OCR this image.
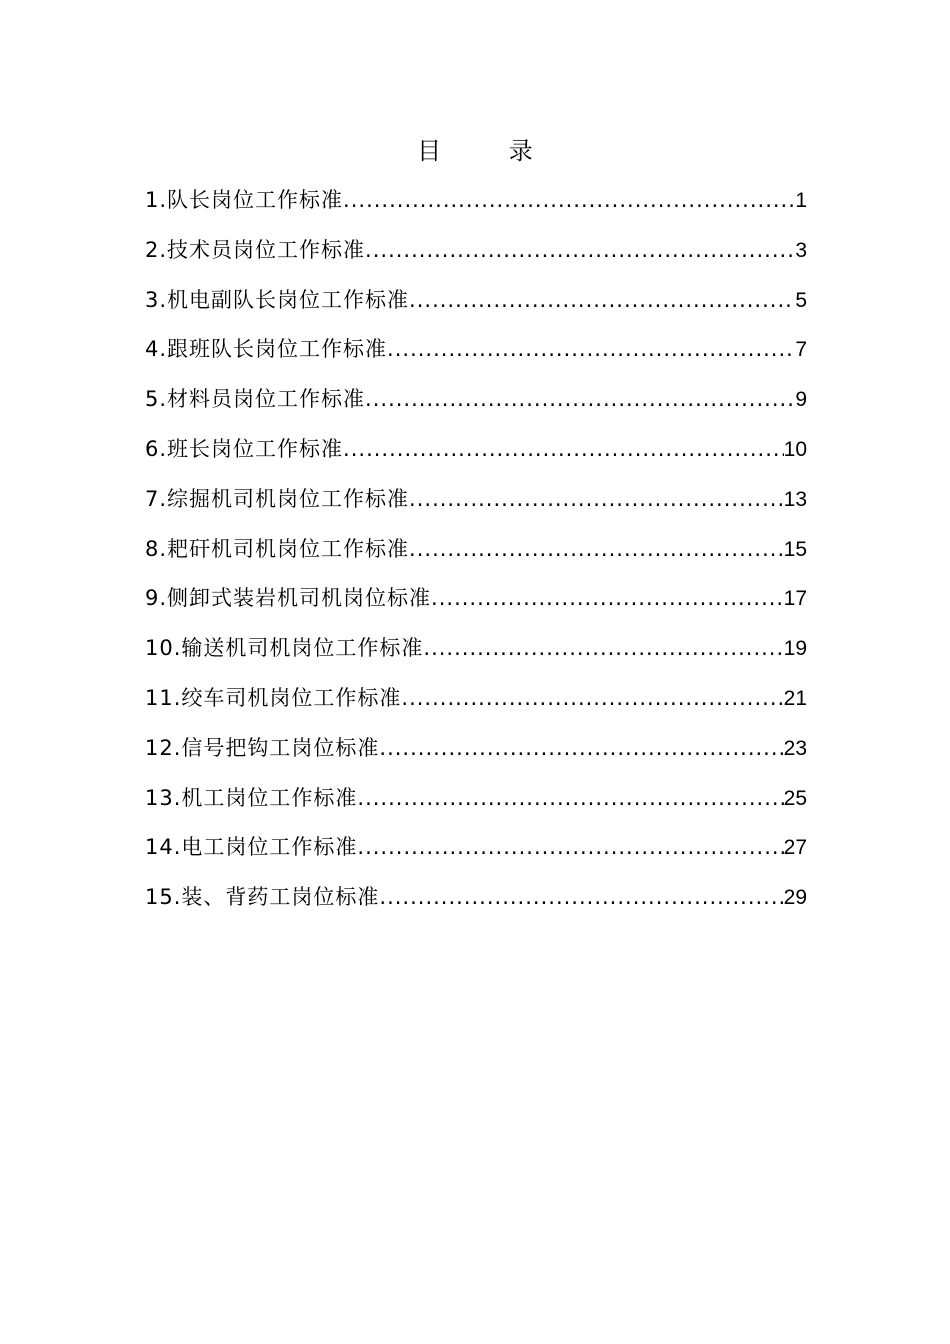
目 录
1.队长岗位工作标准 .....	1
2.技术员岗位工作标准 .....	3
3.机电副队长岗位工作标准 .....	5
4.跟班队长岗位工作标准 .....	7
5.材料员岗位工作标准 .....	9
6.班长岗位工作标准 .....	10
7.综掘机司机岗位工作标准 .....	13
8.耙矸机司机岗位工作标准 .....	15
9.侧卸式装岩机司机岗位标准 .....	17
10.输送机司机岗位工作标准 .....	19
11.绞车司机岗位工作标准 .....	21
12.信号把钩工岗位标准 .....	23
13.机工岗位工作标准 .....	25
14.电工岗位工作标准 .....	27
15.装、背药工岗位标准 .....	29
